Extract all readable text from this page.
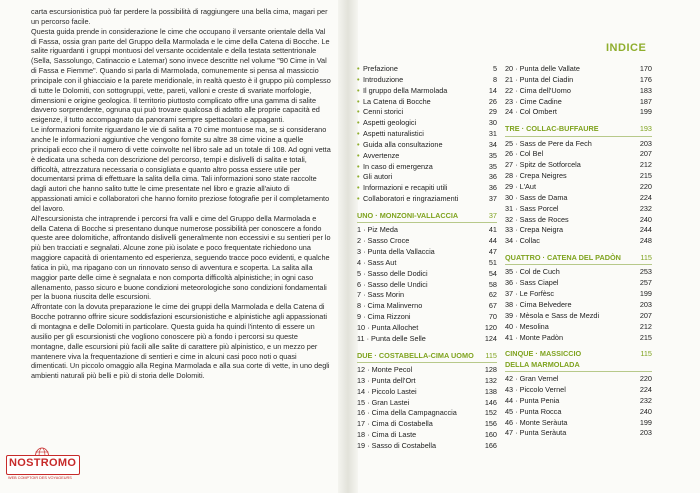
carta escursionistica può far perdere la possibilità di raggiungere una bella cima, magari per un percorso facile.

Questa guida prende in considerazione le cime che occupano il versante orientale della Val di Fassa, ossia gran parte del Gruppo della Marmolada e le cime della Catena di Bocche. Le salite riguardanti i gruppi montuosi del versante occidentale e della testata settentrionale (Sella, Sassolungo, Catinaccio e Latemar) sono invece descritte nel volume "90 Cime in Val di Fassa e Fiemme". Quando si parla di Marmolada, comunemente si pensa al massiccio principale con il ghiacciaio e la parete meridionale, in realtà questo è il gruppo più complesso di tutte le Dolomiti, con sottogruppi, vette, pareti, valloni e creste di svariate morfologie, dimensioni e origine geologica. Il territorio piuttosto complicato offre una gamma di salite davvero sorprendente, ognuna qui può trovare qualcosa di adatto alle proprie capacità ed esigenze, il tutto accompagnato da panorami sempre spettacolari e appaganti.

Le informazioni fornite riguardano le vie di salita a 70 cime montuose ma, se si considerano anche le informazioni aggiuntive che vengono fornite su altre 38 cime vicine a quelle principali ecco che il numero di vette coinvolte nel libro sale ad un totale di 108. Ad ogni vetta è dedicata una scheda con descrizione del percorso, tempi e dislivelli di salita e totali, difficoltà, attrezzatura necessaria o consigliata e quanto altro possa essere utile per documentarsi prima di effettuare la salita della cima. Tali informazioni sono state raccolte dagli autori che hanno salito tutte le cime presentate nel libro e grazie all'aiuto di appassionati amici e collaboratori che hanno fornito preziose fotografie per il completamento del lavoro.

All'escursionista che intraprende i percorsi fra valli e cime del Gruppo della Marmolada e della Catena di Bocche si presentano dunque numerose possibilità per conoscere a fondo queste aree dolomitiche, affrontando dislivelli generalmente non eccessivi e su sentieri per lo più ben tracciati e segnalati. Alcune zone più isolate e poco frequentate richiedono una maggiore capacità di orientamento ed esperienza, seguendo tracce poco evidenti, e qualche fatica in più, ma ripagano con un rinnovato senso di avventura e scoperta. La salita alla maggior parte delle cime è segnalata e non comporta difficoltà alpinistiche; in ogni caso allenamento, passo sicuro e buone condizioni meteorologiche sono condizioni fondamentali per la buona riuscita delle escursioni.

Affrontate con la dovuta preparazione le cime dei gruppi della Marmolada e della Catena di Bocche potranno offrire sicure soddisfazioni escursionistiche e alpinistiche agli appassionati di montagna e delle Dolomiti in particolare. Questa guida ha quindi l'intento di essere un ausilio per gli escursionisti che vogliono conoscere più a fondo i percorsi su queste montagne, dalle escursioni più facili alle salite di carattere più alpinistico, e un mezzo per mantenere viva la frequentazione di sentieri e cime in alcuni casi poco noti o quasi dimenticati. Un piccolo omaggio alla Regina Marmolada e alla sua corte di vette, in uno degli ambienti naturali più belli e più di storia delle Dolomiti.

INDICE
• Prefazione	5
• Introduzione	8
• Il gruppo della Marmolada	14
• La Catena di Bocche	26
• Cenni storici	29
• Aspetti geologici	30
• Aspetti naturalistici	31
• Guida alla consultazione	34
• Avvertenze	35
• In caso di emergenza	35
• Gli autori	36
• Informazioni e recapiti utili	36
• Collaboratori e ringraziamenti	37
UNO · MONZONI-VALLACCIA	37
1 · Piz Meda	41
2 · Sasso Croce	44
3 · Punta della Vallaccia	47
4 · Sass Aut	51
5 · Sasso delle Dodici	54
6 · Sasso delle Undici	58
7 · Sass Morin	62
8 · Cima Malinverno	67
9 · Cima Rizzoni	70
10 · Punta Allochet	120
11 · Punta delle Selle	124
DUE · COSTABELLA-CIMA UOMO 115
12 · Monte Pecol	128
13 · Punta dell'Ort	132
14 · Piccolo Lastei	138
15 · Gran Lastei	146
16 · Cima della Campagnaccia	152
17 · Cima di Costabella	156
18 · Cima di Laste	160
19 · Sasso di Costabella	166
20 · Punta delle Vallate	170
21 · Punta del Ciadin	176
22 · Cima dell'Uomo	183
23 · Cime Cadine	187
24 · Col Ombert	199
TRE · COLLAC-BUFFAURE	193
25 · Sass de Pere da Fech	203
26 · Col Bel	207
27 · Spitz de Sotforcela	212
28 · Crepa Neigres	215
29 · L'Aut	220
30 · Sass de Dama	224
31 · Sass Porcel	232
32 · Sass de Roces	240
33 · Crepa Neigra	244
34 · Collac	248
QUATTRO · CATENA DEL PADÒN	115
35 · Col de Cuch	253
36 · Sass Ciapel	257
37 · Le Forfèsc	199
38 · Cima Belvedere	203
39 · Mèsola e Sass de Mezdi	207
40 · Mesolina	212
41 · Monte Padòn	215
CINQUE · MASSICCIO	115
DELLA MARMOLADA
42 · Gran Vernel	220
43 · Piccolo Vernel	224
44 · Punta Penia	232
45 · Punta Rocca	240
46 · Monte Seràuta	199
47 · Punta Seràuta	203
NOSTROMO
WEB COMPTOIR DES VOYAGEURS
